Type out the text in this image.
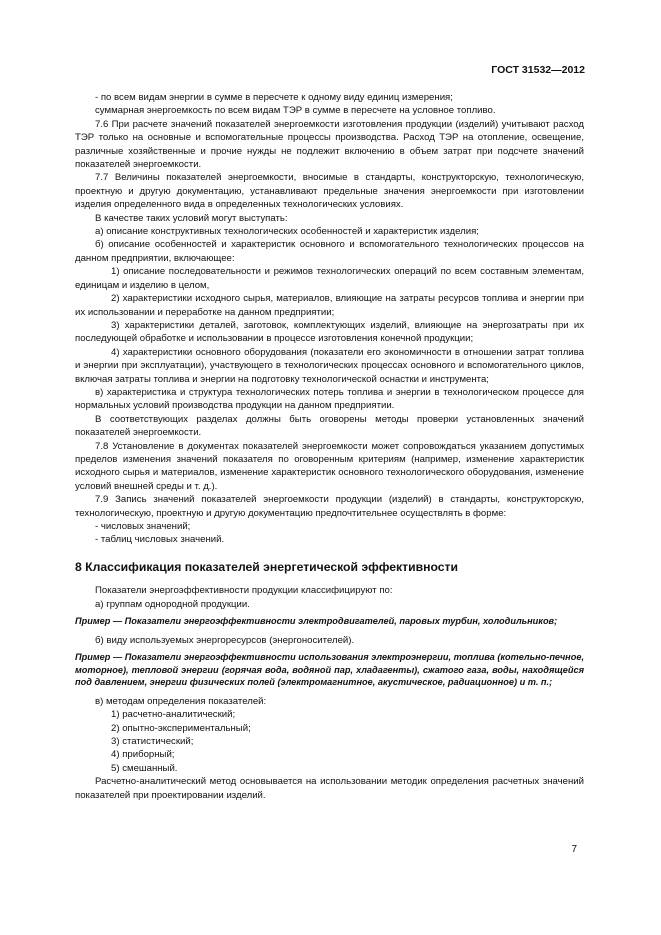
ГОСТ 31532—2012

- по всем видам энергии в сумме в пересчете к одному виду единиц измерения;

суммарная энергоемкость по всем видам ТЭР в сумме в пересчете на условное топливо.

7.6 При расчете значений показателей энергоемкости изготовления продукции (изделий) учитывают расход ТЭР только на основные и вспомогательные процессы производства. Расход ТЭР на отопление, освещение, различные хозяйственные и прочие нужды не подлежит включению в объем затрат при подсчете значений показателей энергоемкости.

7.7 Величины показателей энергоемкости, вносимые в стандарты, конструкторскую, технологическую, проектную и другую документацию, устанавливают предельные значения энергоемкости при изготовлении изделия определенного вида в определенных технологических условиях.

В качестве таких условий могут выступать:

а) описание конструктивных технологических особенностей и характеристик изделия;

б) описание особенностей и характеристик основного и вспомогательного технологических процессов на данном предприятии, включающее:

1) описание последовательности и режимов технологических операций по всем составным элементам, единицам и изделию в целом,

2) характеристики исходного сырья, материалов, влияющие на затраты ресурсов топлива и энергии при их использовании и переработке на данном предприятии;

3) характеристики деталей, заготовок, комплектующих изделий, влияющие на энергозатраты при их последующей обработке и использовании в процессе изготовления конечной продукции;

4) характеристики основного оборудования (показатели его экономичности в отношении затрат топлива и энергии при эксплуатации), участвующего в технологических процессах основного и вспомогательного циклов, включая затраты топлива и энергии на подготовку технологической оснастки и инструмента;

в) характеристика и структура технологических потерь топлива и энергии в технологическом процессе для нормальных условий производства продукции на данном предприятии.

В соответствующих разделах должны быть оговорены методы проверки установленных значений показателей энергоемкости.

7.8 Установление в документах показателей энергоемкости может сопровождаться указанием допустимых пределов изменения значений показателя по оговоренным критериям (например, изменение характеристик исходного сырья и материалов, изменение характеристик основного технологического оборудования, изменение условий внешней среды и т. д.).

7.9 Запись значений показателей энергоемкости продукции (изделий) в стандарты, конструкторскую, технологическую, проектную и другую документацию предпочтительнее осуществлять в форме:

- числовых значений;

- таблиц числовых значений.

8 Классификация показателей энергетической эффективности

Показатели энергоэффективности продукции классифицируют по:

а) группам однородной продукции.

Пример — Показатели энергоэффективности электродвигателей, паровых турбин, холодильников;

б) виду используемых энергоресурсов (энергоносителей).

Пример — Показатели энергоэффективности использования электроэнергии, топлива (котельно-печное, моторное), тепловой энергии (горячая вода, водяной пар, хладагенты), сжатого газа, воды, находящейся под давлением, энергии физических полей (электромагнитное, акустическое, радиационное) и т. п.;

в) методам определения показателей:

1) расчетно-аналитический;

2) опытно-экспериментальный;

3) статистический;

4) приборный;

5) смешанный.

Расчетно-аналитический метод основывается на использовании методик определения расчетных значений показателей при проектировании изделий.

7
